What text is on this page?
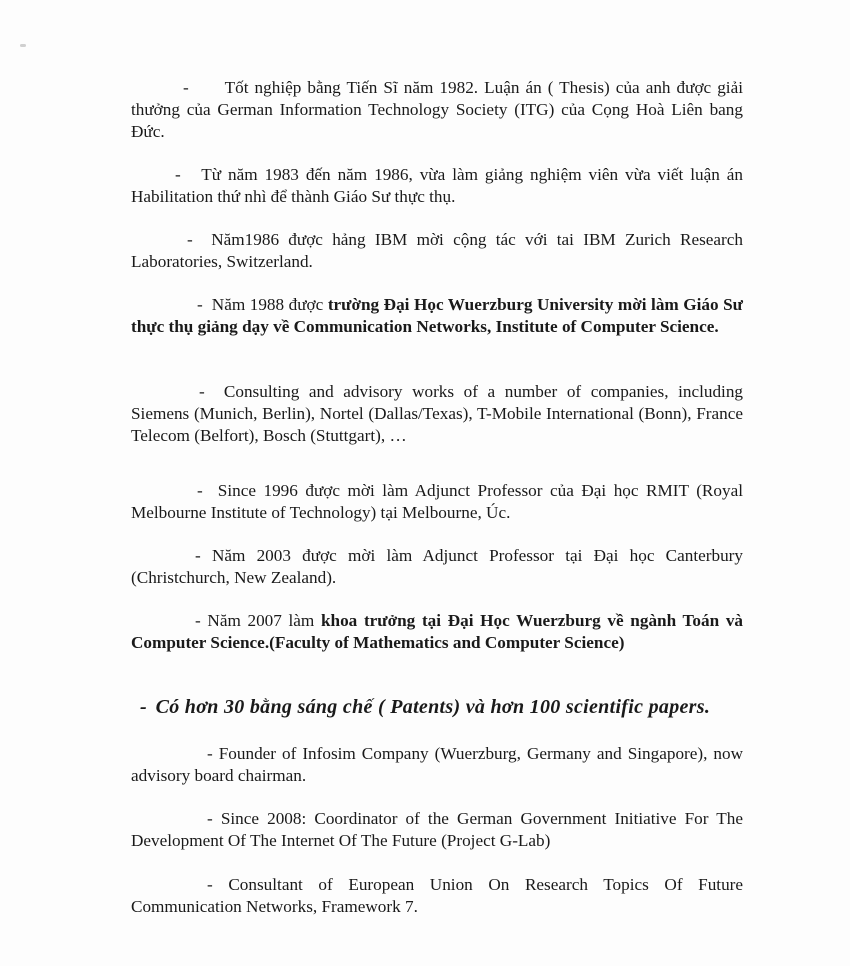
- Tốt nghiệp bằng Tiến Sĩ năm 1982. Luận án ( Thesis) của anh được giải thưởng của German Information Technology Society (ITG) của Cọng Hoà Liên bang Đức.
- Từ năm 1983 đến năm 1986, vừa làm giảng nghiệm viên vừa viết luận án Habilitation thứ nhì để thành Giáo Sư thực thụ.
- Năm1986 được hảng IBM mời cộng tác với tai IBM Zurich Research Laboratories, Switzerland.
- Năm 1988 được trường Đại Học Wuerzburg University mời làm Giáo Sư thực thụ giảng dạy về Communication Networks, Institute of Computer Science.
- Consulting and advisory works of a number of companies, including Siemens (Munich, Berlin), Nortel (Dallas/Texas), T-Mobile International (Bonn), France Telecom (Belfort), Bosch (Stuttgart), …
- Since 1996 được mời làm Adjunct Professor của Đại học RMIT (Royal Melbourne Institute of Technology) tại Melbourne, Úc.
- Năm 2003 được mời làm Adjunct Professor tại Đại học Canterbury (Christchurch, New Zealand).
- Năm 2007 làm khoa trưởng tại Đại Học Wuerzburg về ngành Toán và Computer Science.(Faculty of Mathematics and Computer Science)
- Có hơn 30 bằng sáng chế ( Patents) và hơn 100 scientific papers.
- Founder of Infosim Company (Wuerzburg, Germany and Singapore), now advisory board chairman.
- Since 2008: Coordinator of the German Government Initiative For The Development Of The Internet Of The Future (Project G-Lab)
- Consultant of European Union On Research Topics Of Future Communication Networks, Framework 7.
